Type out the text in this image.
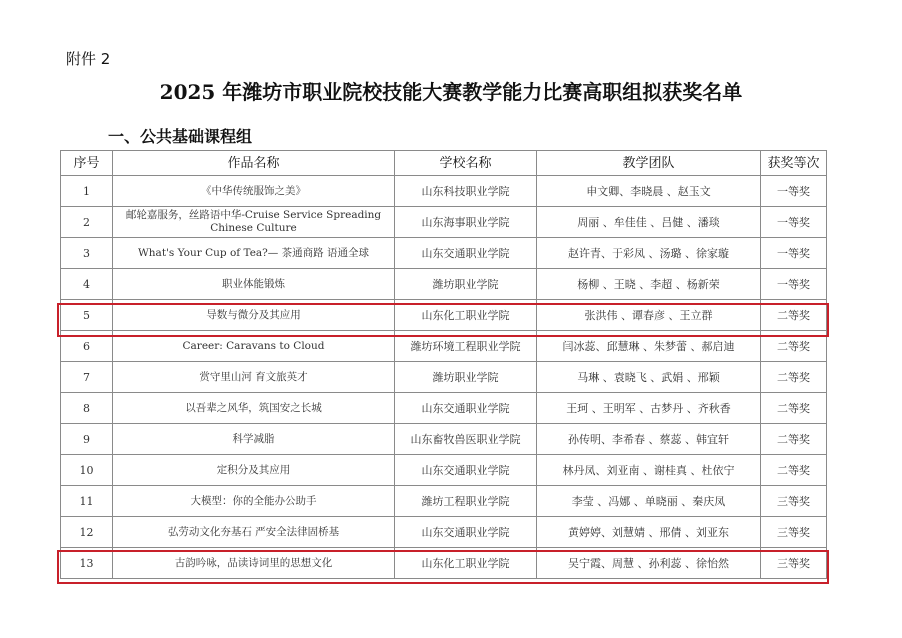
附件 2
2025 年潍坊市职业院校技能大赛教学能力比赛高职组拟获奖名单
一、公共基础课程组
序号	作品名称	学校名称	教学团队	获奖等次
1	《中华传统服饰之美》	山东科技职业学院	申文卿、李晓晨 、赵玉文	一等奖
2	邮轮嘉服务，丝路语中华-Cruise Service Spreading Chinese Culture	山东海事职业学院	周丽 、牟佳佳 、吕健 、潘琰	一等奖
3	What's Your Cup of Tea?— 茶通商路 语通全球	山东交通职业学院	赵许青、于彩凤 、汤璐 、徐家璇	一等奖
4	职业体能锻炼	潍坊职业学院	杨柳 、王晓 、李超 、杨新荣	一等奖
5	导数与微分及其应用	山东化工职业学院	张洪伟 、谭春彦 、王立群	二等奖
6	Career: Caravans to Cloud	潍坊环境工程职业学院	闫冰蕊、邱慧琳 、朱梦蕾 、郝启迪	二等奖
7	赏守里山河 育文旅英才	潍坊职业学院	马琳 、袁晓飞 、武娟 、邢颖	二等奖
8	以吾辈之风华，筑国安之长城	山东交通职业学院	王珂 、王明军 、古梦丹 、齐秋香	二等奖
9	科学减脂	山东畜牧兽医职业学院	孙传明、李希春 、蔡蕊 、韩宜轩	二等奖
10	定积分及其应用	山东交通职业学院	林丹凤、刘亚南 、谢桂真 、杜依宁	二等奖
11	大模型：你的全能办公助手	潍坊工程职业学院	李莹 、冯娜 、单晓丽 、秦庆凤	三等奖
12	弘劳动文化夯基石 严安全法律固桥基	山东交通职业学院	黄婷婷、刘慧婧 、邢倩 、刘亚东	三等奖
13	古韵吟咏，品读诗词里的思想文化	山东化工职业学院	吴宁霞、周慧 、孙利蕊 、徐怡然	三等奖
